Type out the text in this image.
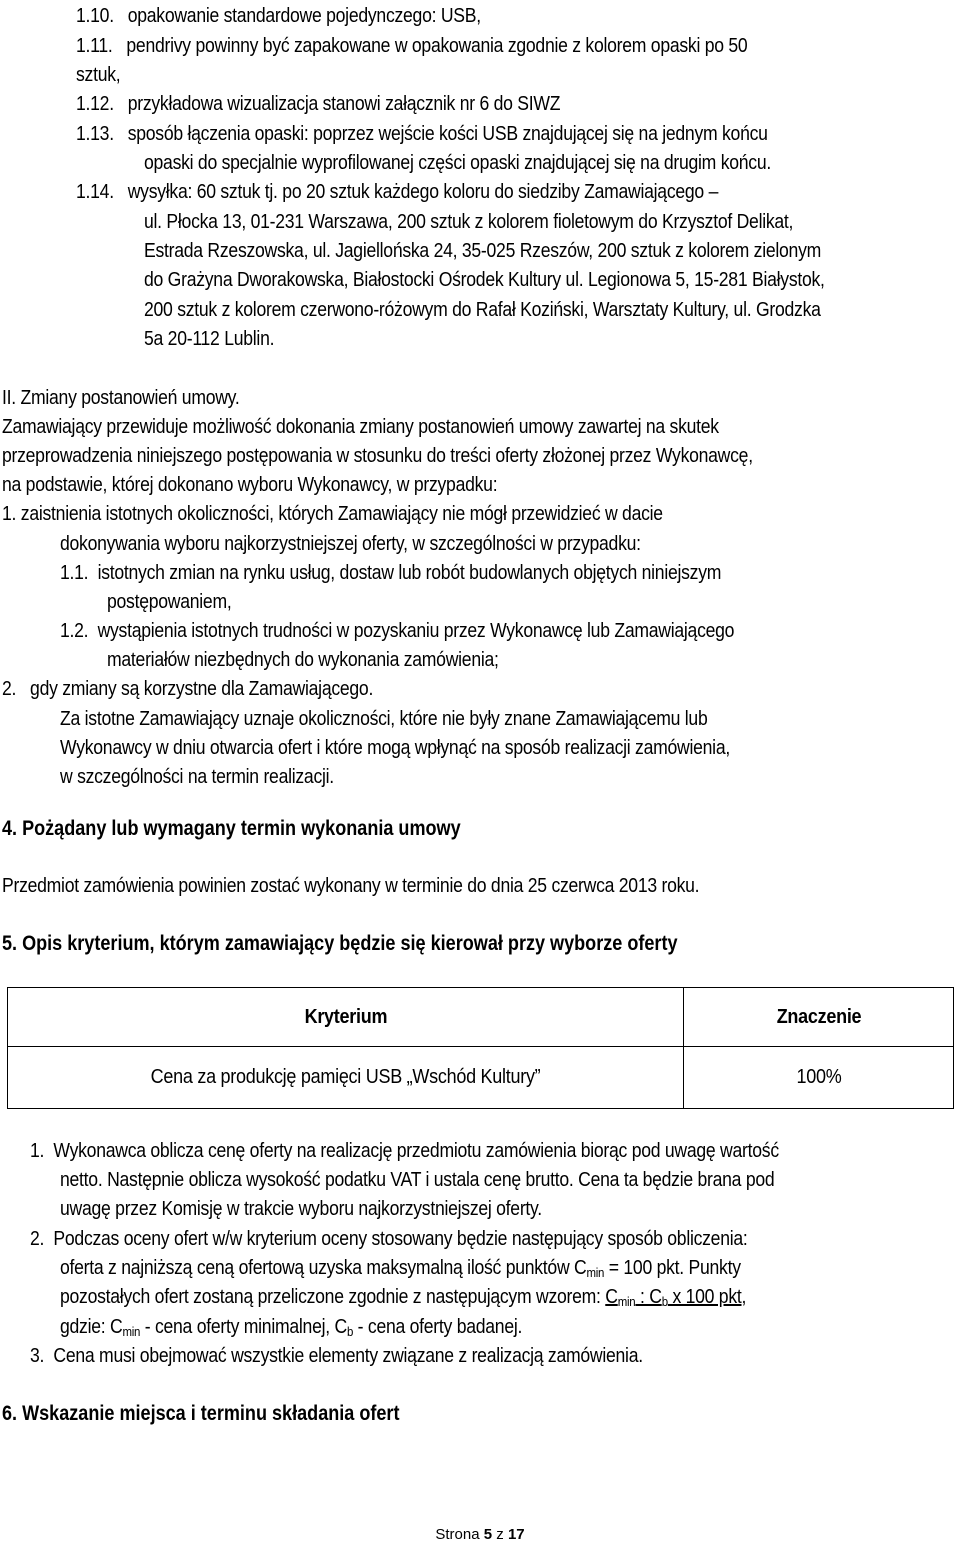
1.10. opakowanie standardowe pojedynczego: USB,
1.11. pendrivy powinny być zapakowane w opakowania zgodnie z kolorem opaski po 50
sztuk,
1.12. przykładowa wizualizacja stanowi załącznik nr 6 do SIWZ
1.13. sposób łączenia opaski: poprzez wejście kości USB znajdującej się na jednym końcu
opaski do specjalnie wyprofilowanej części opaski znajdującej się na drugim końcu.
1.14. wysyłka: 60 sztuk tj. po 20 sztuk każdego koloru do siedziby Zamawiającego –
ul. Płocka 13, 01-231 Warszawa, 200 sztuk z kolorem fioletowym do Krzysztof Delikat,
Estrada Rzeszowska, ul. Jagiellońska 24, 35-025 Rzeszów, 200 sztuk z kolorem zielonym
do Grażyna Dworakowska, Białostocki Ośrodek Kultury ul. Legionowa 5, 15-281 Białystok,
200 sztuk z kolorem czerwono-różowym do Rafał Koziński, Warsztaty Kultury, ul. Grodzka
5a 20-112 Lublin.
II. Zmiany postanowień umowy.
Zamawiający przewiduje możliwość dokonania zmiany postanowień umowy zawartej na skutek
przeprowadzenia niniejszego postępowania w stosunku do treści oferty złożonej przez Wykonawcę,
na podstawie, której dokonano wyboru Wykonawcy, w przypadku:
1. zaistnienia istotnych okoliczności, których Zamawiający nie mógł przewidzieć w dacie
dokonywania wyboru najkorzystniejszej oferty, w szczególności w przypadku:
1.1. istotnych zmian na rynku usług, dostaw lub robót budowlanych objętych niniejszym
postępowaniem,
1.2. wystąpienia istotnych trudności w pozyskaniu przez Wykonawcę lub Zamawiającego
materiałów niezbędnych do wykonania zamówienia;
2. gdy zmiany są korzystne dla Zamawiającego.
Za istotne Zamawiający uznaje okoliczności, które nie były znane Zamawiającemu lub
Wykonawcy w dniu otwarcia ofert i które mogą wpłynąć na sposób realizacji zamówienia,
w szczególności na termin realizacji.
4. Pożądany lub wymagany termin wykonania umowy
Przedmiot zamówienia powinien zostać wykonany w terminie do dnia 25 czerwca 2013 roku.
5. Opis kryterium, którym zamawiający będzie się kierował przy wyborze oferty
Kryterium	Znaczenie
Cena za produkcję pamięci USB „Wschód Kultury”	100%
1. Wykonawca oblicza cenę oferty na realizację przedmiotu zamówienia biorąc pod uwagę wartość
netto. Następnie oblicza wysokość podatku VAT i ustala cenę brutto. Cena ta będzie brana pod
uwagę przez Komisję w trakcie wyboru najkorzystniejszej oferty.
2. Podczas oceny ofert w/w kryterium oceny stosowany będzie następujący sposób obliczenia:
oferta z najniższą ceną ofertową uzyska maksymalną ilość punktów $C_{min} = 100$ pkt. Punkty
pozostałych ofert zostaną przeliczone zgodnie z następującym wzorem: $C_{min}$ : $C_b$ x 100 pkt,
gdzie: $C_{min}$ - cena oferty minimalnej, $C_b$ - cena oferty badanej.
3. Cena musi obejmować wszystkie elementy związane z realizacją zamówienia.
6. Wskazanie miejsca i terminu składania ofert
Strona 5 z 17
